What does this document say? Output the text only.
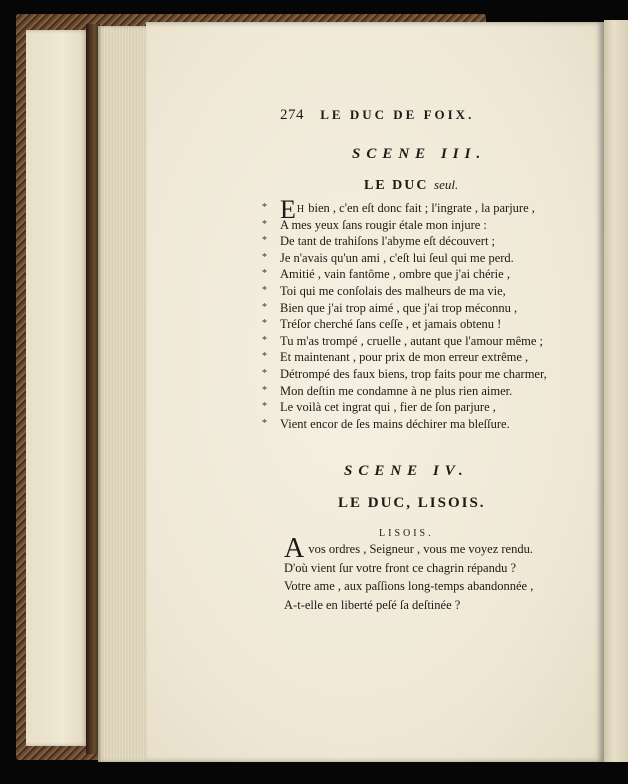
274 LE DUC DE FOIX.
SCENE III.
LE DUC seul.
* EH bien , c'en eſt donc fait ; l'ingrate , la parjure ,
*	A mes yeux ſans rougir étale mon injure :
*	De tant de trahiſons l'abyme eſt découvert ;
*	Je n'avais qu'un ami , c'eſt lui ſeul qui me perd.
*	Amitié , vain fantôme , ombre que j'ai chérie ,
*	Toi qui me conſolais des malheurs de ma vie,
*	Bien que j'ai trop aimé , que j'ai trop méconnu ,
*	Tréſor cherché ſans ceſſe , et jamais obtenu !
*	Tu m'as trompé , cruelle , autant que l'amour même ;
*	Et maintenant , pour prix de mon erreur extrême ,
*	Détrompé des faux biens, trop faits pour me charmer,
*	Mon deſtin me condamne à ne plus rien aimer.
*	Le voilà cet ingrat qui , fier de ſon parjure ,
*	Vient encor de ſes mains déchirer ma bleſſure.
SCENE IV.
LE DUC, LISOIS.
LISOIS.
A vos ordres , Seigneur , vous me voyez rendu.
D'où vient ſur votre front ce chagrin répandu ?
Votre ame , aux paſſions long-temps abandonnée ,
A-t-elle en liberté peſé ſa deſtinée ?
